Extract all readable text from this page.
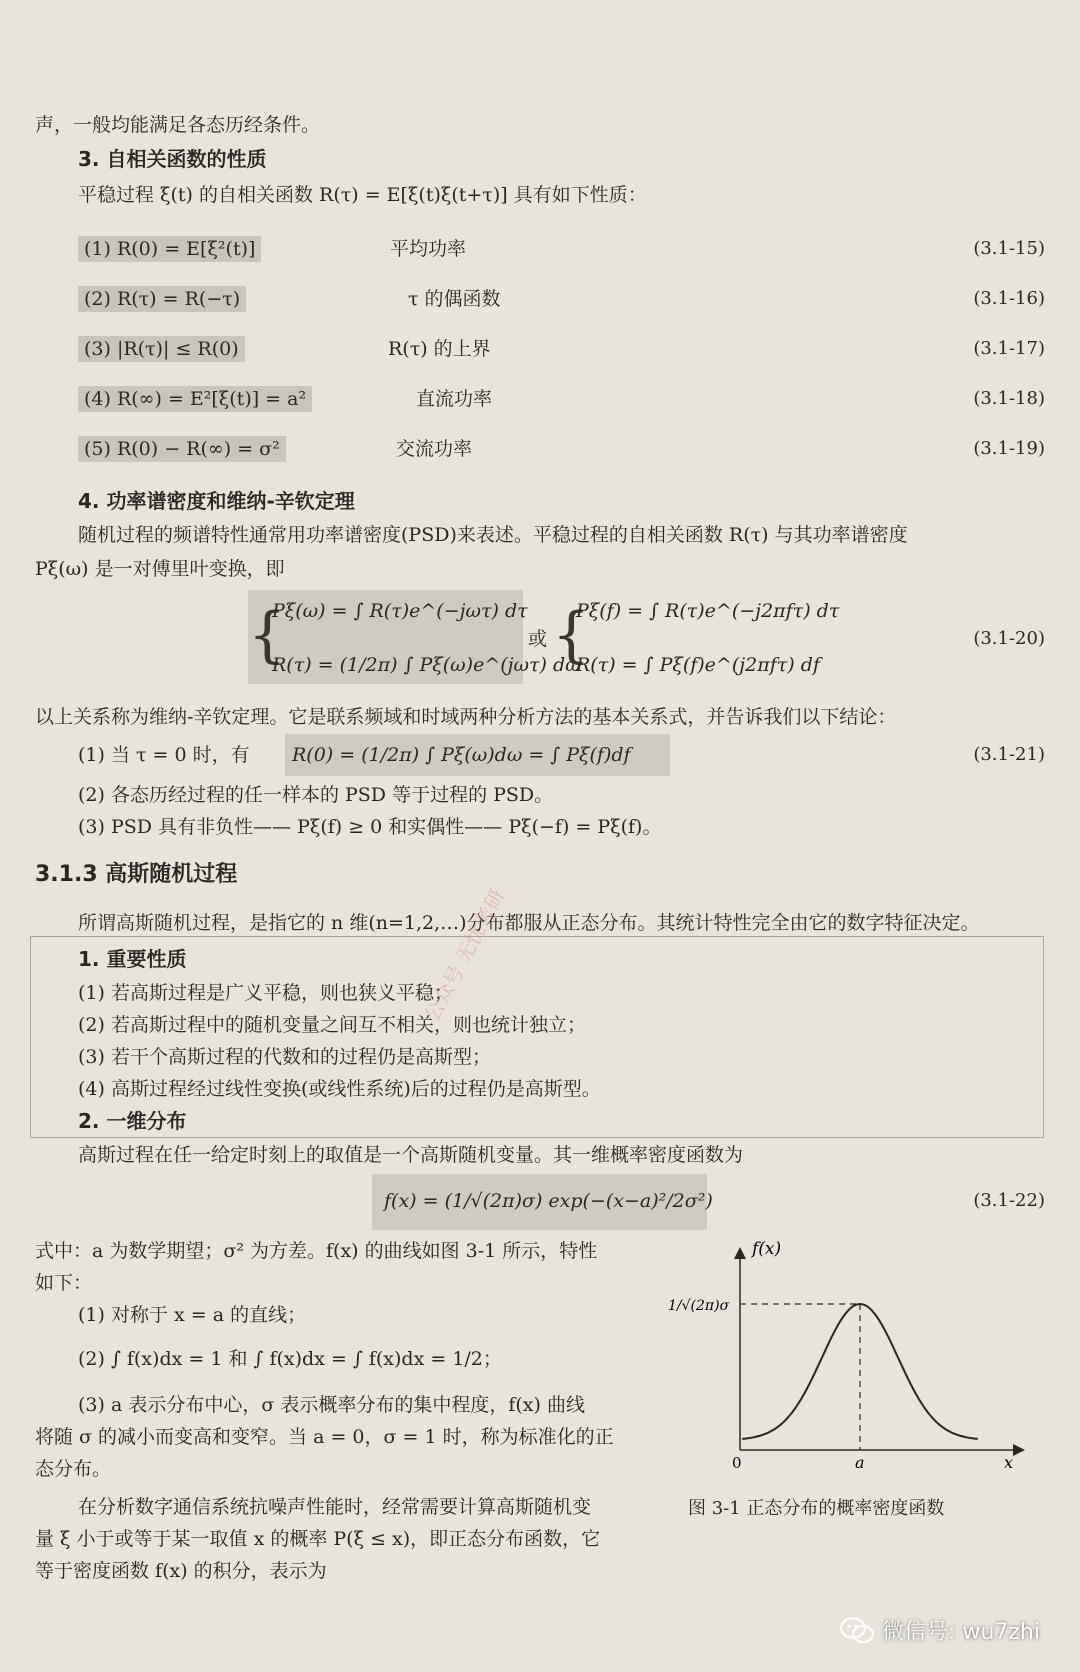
声，一般均能满足各态历经条件。
3. 自相关函数的性质
平稳过程 ξ(t) 的自相关函数 R(τ) = E[ξ(t)ξ(t+τ)] 具有如下性质：
(1) R(0) = E[ξ²(t)]	平均功率	(3.1-15)
(2) R(τ) = R(−τ)	τ 的偶函数	(3.1-16)
(3) |R(τ)| ≤ R(0)	R(τ) 的上界	(3.1-17)
(4) R(∞) = E²[ξ(t)] = a²	直流功率	(3.1-18)
(5) R(0) − R(∞) = σ²	交流功率	(3.1-19)
4. 功率谱密度和维纳-辛钦定理
随机过程的频谱特性通常用功率谱密度(PSD)来表述。平稳过程的自相关函数 R(τ) 与其功率谱密度
Pξ(ω) 是一对傅里叶变换，即
{
Pξ(ω) = ∫ R(τ)e^(−jωτ) dτ
R(τ) = (1/2π) ∫ Pξ(ω)e^(jωτ) dω
或 {
Pξ(f) = ∫ R(τ)e^(−j2πfτ) dτ
R(τ) = ∫ Pξ(f)e^(j2πfτ) df
(3.1-20)
以上关系称为维纳-辛钦定理。它是联系频域和时域两种分析方法的基本关系式，并告诉我们以下结论：
(1) 当 τ = 0 时，有 R(0) = (1/2π) ∫ Pξ(ω)dω = ∫ Pξ(f)df	(3.1-21)
(2) 各态历经过程的任一样本的 PSD 等于过程的 PSD。
(3) PSD 具有非负性—— Pξ(f) ≥ 0 和实偶性—— Pξ(−f) = Pξ(f)。
3.1.3 高斯随机过程
所谓高斯随机过程，是指它的 n 维(n=1,2,…)分布都服从正态分布。其统计特性完全由它的数字特征决定。
1. 重要性质
(1) 若高斯过程是广义平稳，则也狭义平稳；
(2) 若高斯过程中的随机变量之间互不相关，则也统计独立；
(3) 若干个高斯过程的代数和的过程仍是高斯型；
(4) 高斯过程经过线性变换(或线性系统)后的过程仍是高斯型。
2. 一维分布
高斯过程在任一给定时刻上的取值是一个高斯随机变量。其一维概率密度函数为
f(x) = (1/√(2π)σ) exp(−(x−a)²/2σ²)	(3.1-22)
式中：a 为数学期望；σ² 为方差。f(x) 的曲线如图 3-1 所示，特性
如下：
(1) 对称于 x = a 的直线；
(2) ∫ f(x)dx = 1 和 ∫ f(x)dx = ∫ f(x)dx = 1/2；
(3) a 表示分布中心，σ 表示概率分布的集中程度，f(x) 曲线
将随 σ 的减小而变高和变窄。当 a = 0，σ = 1 时，称为标准化的正
态分布。
在分析数字通信系统抗噪声性能时，经常需要计算高斯随机变
量 ξ 小于或等于某一取值 x 的概率 P(ξ ≤ x)，即正态分布函数，它
等于密度函数 f(x) 的积分，表示为
f(x)
1/√(2π)σ
0	a	x
图 3-1 正态分布的概率密度函数
公众号 无忧考研
微信号: wu7zhi
